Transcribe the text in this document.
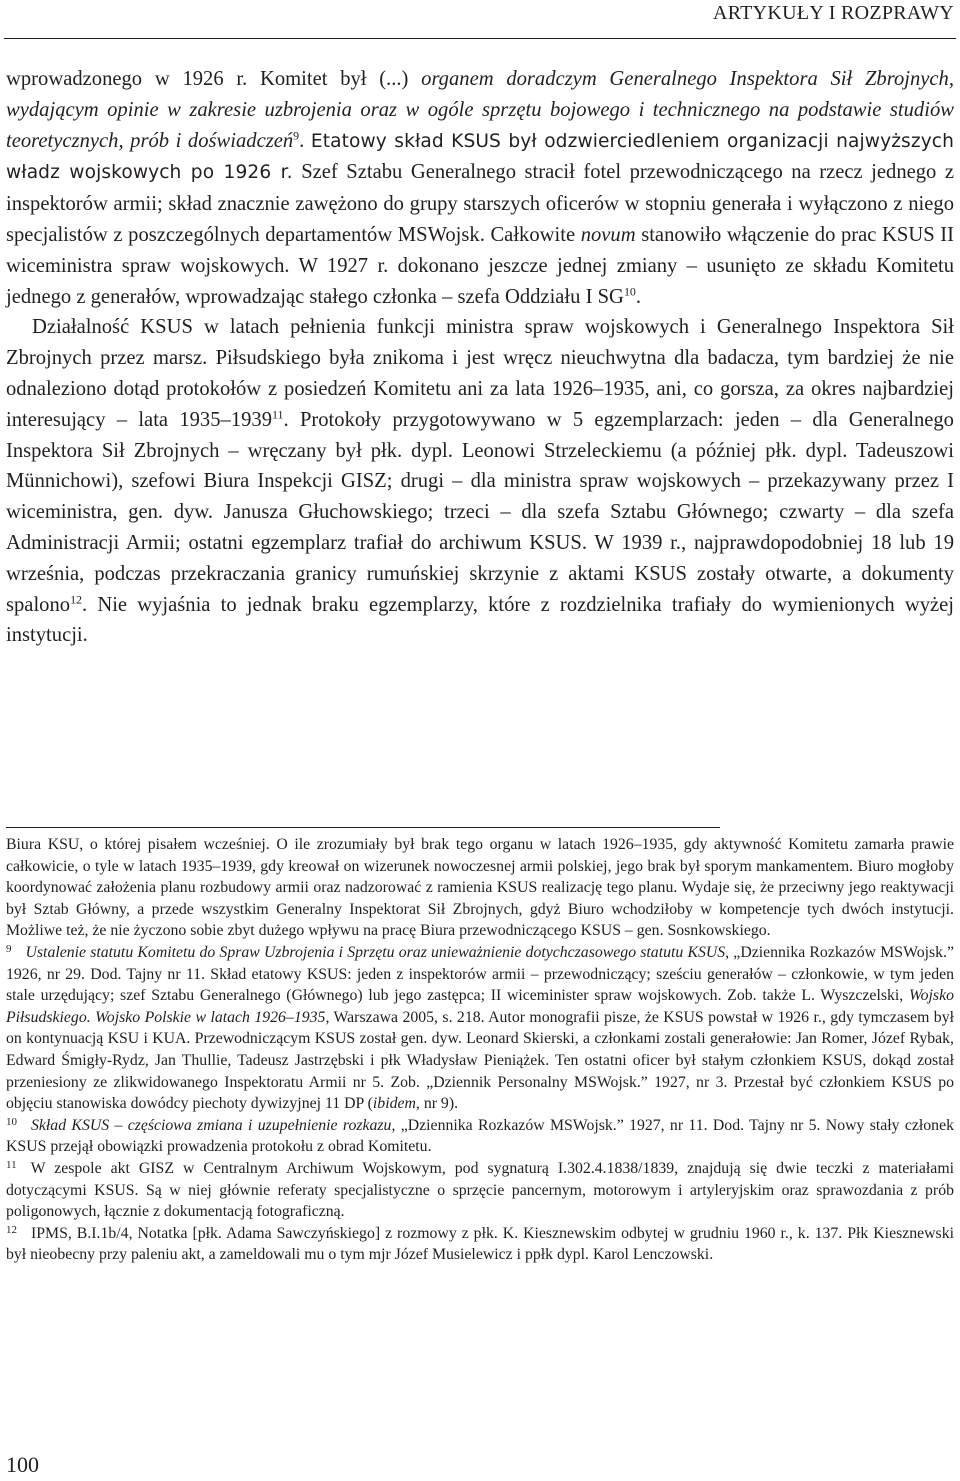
ARTYKUŁY I ROZPRAWY

wprowadzonego w 1926 r. Komitet był (...) organem doradczym Generalnego Inspektora Sił Zbrojnych, wydającym opinie w zakresie uzbrojenia oraz w ogóle sprzętu bojowego i technicznego na podstawie studiów teoretycznych, prób i doświadczeń$^9$. Etatowy skład KSUS był odzwierciedleniem organizacji najwyższych władz wojskowych po 1926 r. Szef Sztabu Generalnego stracił fotel przewodniczącego na rzecz jednego z inspektorów armii; skład znacznie zawężono do grupy starszych oficerów w stopniu generała i wyłączono z niego specjalistów z poszczególnych departamentów MSWojsk. Całkowite novum stanowiło włączenie do prac KSUS II wiceministra spraw wojskowych. W 1927 r. dokonano jeszcze jednej zmiany – usunięto ze składu Komitetu jednego z generałów, wprowadzając stałego członka – szefa Oddziału I SG$^{10}$.

Działalność KSUS w latach pełnienia funkcji ministra spraw wojskowych i Generalnego Inspektora Sił Zbrojnych przez marsz. Piłsudskiego była znikoma i jest wręcz nieuchwytna dla badacza, tym bardziej że nie odnaleziono dotąd protokołów z posiedzeń Komitetu ani za lata 1926–1935, ani, co gorsza, za okres najbardziej interesujący – lata 1935–1939$^{11}$. Protokoły przygotowywano w 5 egzemplarzach: jeden – dla Generalnego Inspektora Sił Zbrojnych – wręczany był płk. dypl. Leonowi Strzeleckiemu (a później płk. dypl. Tadeuszowi Münnichowi), szefowi Biura Inspekcji GISZ; drugi – dla ministra spraw wojskowych – przekazywany przez I wiceministra, gen. dyw. Janusza Głuchowskiego; trzeci – dla szefa Sztabu Głównego; czwarty – dla szefa Administracji Armii; ostatni egzemplarz trafiał do archiwum KSUS. W 1939 r., najprawdopodobniej 18 lub 19 września, podczas przekraczania granicy rumuńskiej skrzynie z aktami KSUS zostały otwarte, a dokumenty spalono$^{12}$. Nie wyjaśnia to jednak braku egzemplarzy, które z rozdzielnika trafiały do wymienionych wyżej instytucji.

Biura KSU, o której pisałem wcześniej. O ile zrozumiały był brak tego organu w latach 1926–1935, gdy aktywność Komitetu zamarła prawie całkowicie, o tyle w latach 1935–1939, gdy kreował on wizerunek nowoczesnej armii polskiej, jego brak był sporym mankamentem. Biuro mogłoby koordynować założenia planu rozbudowy armii oraz nadzorować z ramienia KSUS realizację tego planu. Wydaje się, że przeciwny jego reaktywacji był Sztab Główny, a przede wszystkim Generalny Inspektorat Sił Zbrojnych, gdyż Biuro wchodziłoby w kompetencje tych dwóch instytucji. Możliwe też, że nie życzono sobie zbyt dużego wpływu na pracę Biura przewodniczącego KSUS – gen. Sosnkowskiego.

$^9$ Ustalenie statutu Komitetu do Spraw Uzbrojenia i Sprzętu oraz unieważnienie dotychczasowego statutu KSUS, „Dziennika Rozkazów MSWojsk.” 1926, nr 29. Dod. Tajny nr 11. Skład etatowy KSUS: jeden z inspektorów armii – przewodniczący; sześciu generałów – członkowie, w tym jeden stale urzędujący; szef Sztabu Generalnego (Głównego) lub jego zastępca; II wiceminister spraw wojskowych. Zob. także L. Wyszczelski, Wojsko Piłsudskiego. Wojsko Polskie w latach 1926–1935, Warszawa 2005, s. 218. Autor monografii pisze, że KSUS powstał w 1926 r., gdy tymczasem był on kontynuacją KSU i KUA. Przewodniczącym KSUS został gen. dyw. Leonard Skierski, a członkami zostali generałowie: Jan Romer, Józef Rybak, Edward Śmigły-Rydz, Jan Thullie, Tadeusz Jastrzębski i płk Władysław Pieniążek. Ten ostatni oficer był stałym członkiem KSUS, dokąd został przeniesiony ze zlikwidowanego Inspektoratu Armii nr 5. Zob. „Dziennik Personalny MSWojsk.” 1927, nr 3. Przestał być członkiem KSUS po objęciu stanowiska dowódcy piechoty dywizyjnej 11 DP (ibidem, nr 9).

$^{10}$ Skład KSUS – częściowa zmiana i uzupełnienie rozkazu, „Dziennika Rozkazów MSWojsk.” 1927, nr 11. Dod. Tajny nr 5. Nowy stały członek KSUS przejął obowiązki prowadzenia protokołu z obrad Komitetu.

$^{11}$ W zespole akt GISZ w Centralnym Archiwum Wojskowym, pod sygnaturą I.302.4.1838/1839, znajdują się dwie teczki z materiałami dotyczącymi KSUS. Są w niej głównie referaty specjalistyczne o sprzęcie pancernym, motorowym i artyleryjskim oraz sprawozdania z prób poligonowych, łącznie z dokumentacją fotograficzną.

$^{12}$ IPMS, B.I.1b/4, Notatka [płk. Adama Sawczyńskiego] z rozmowy z płk. K. Kiesznewskim odbytej w grudniu 1960 r., k. 137. Płk Kiesznewski był nieobecny przy paleniu akt, a zameldowali mu o tym mjr Józef Musielewicz i ppłk dypl. Karol Lenczowski.

100
